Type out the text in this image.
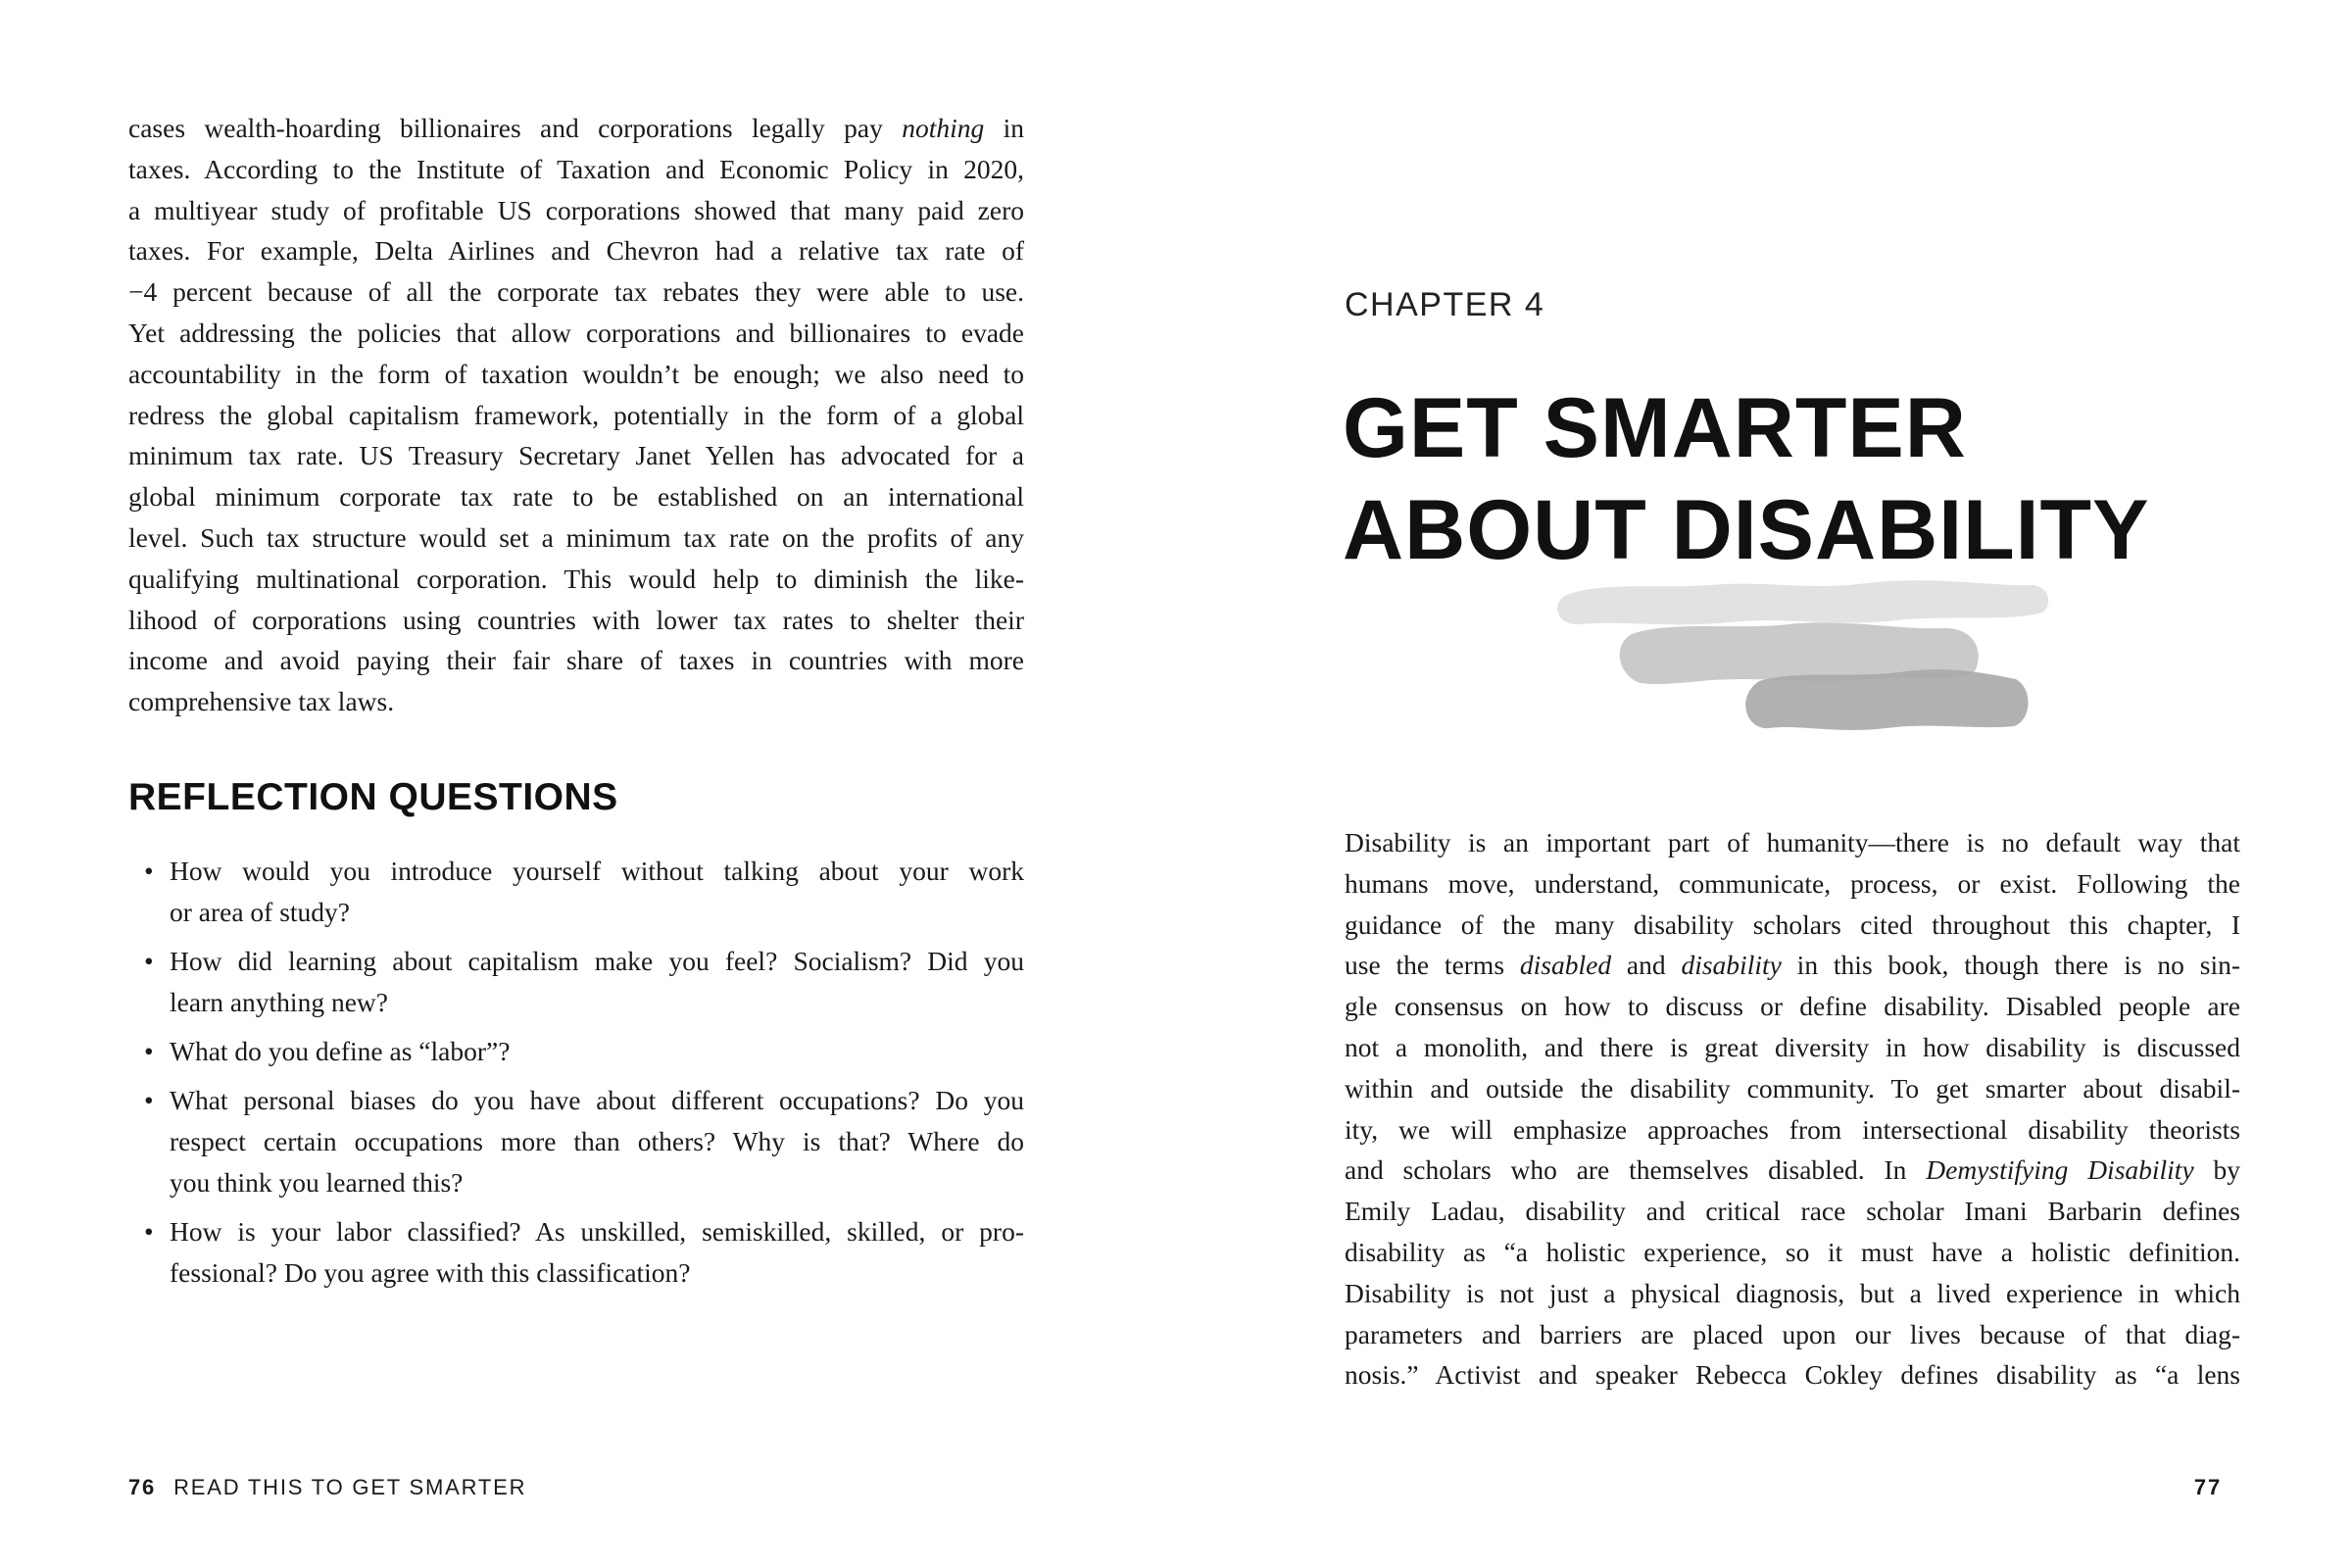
cases wealth-hoarding billionaires and corporations legally pay nothing in
taxes. According to the Institute of Taxation and Economic Policy in 2020,
a multiyear study of profitable US corporations showed that many paid zero
taxes. For example, Delta Airlines and Chevron had a relative tax rate of
−4 percent because of all the corporate tax rebates they were able to use.
Yet addressing the policies that allow corporations and billionaires to evade
accountability in the form of taxation wouldn’t be enough; we also need to
redress the global capitalism framework, potentially in the form of a global
minimum tax rate. US Treasury Secretary Janet Yellen has advocated for a
global minimum corporate tax rate to be established on an international
level. Such tax structure would set a minimum tax rate on the profits of any
qualifying multinational corporation. This would help to diminish the like-
lihood of corporations using countries with lower tax rates to shelter their
income and avoid paying their fair share of taxes in countries with more
comprehensive tax laws.
REFLECTION QUESTIONS
• How would you introduce yourself without talking about your work
or area of study?
• How did learning about capitalism make you feel? Socialism? Did you
learn anything new?
• What do you define as “labor”?
• What personal biases do you have about different occupations? Do you
respect certain occupations more than others? Why is that? Where do
you think you learned this?
• How is your labor classified? As unskilled, semiskilled, skilled, or pro-
fessional? Do you agree with this classification?
76 READ THIS TO GET SMARTER
CHAPTER 4
GET SMARTER
ABOUT DISABILITY
Disability is an important part of humanity—there is no default way that
humans move, understand, communicate, process, or exist. Following the
guidance of the many disability scholars cited throughout this chapter, I
use the terms disabled and disability in this book, though there is no sin-
gle consensus on how to discuss or define disability. Disabled people are
not a monolith, and there is great diversity in how disability is discussed
within and outside the disability community. To get smarter about disabil-
ity, we will emphasize approaches from intersectional disability theorists
and scholars who are themselves disabled. In Demystifying Disability by
Emily Ladau, disability and critical race scholar Imani Barbarin defines
disability as “a holistic experience, so it must have a holistic definition.
Disability is not just a physical diagnosis, but a lived experience in which
parameters and barriers are placed upon our lives because of that diag-
nosis.” Activist and speaker Rebecca Cokley defines disability as “a lens
77
